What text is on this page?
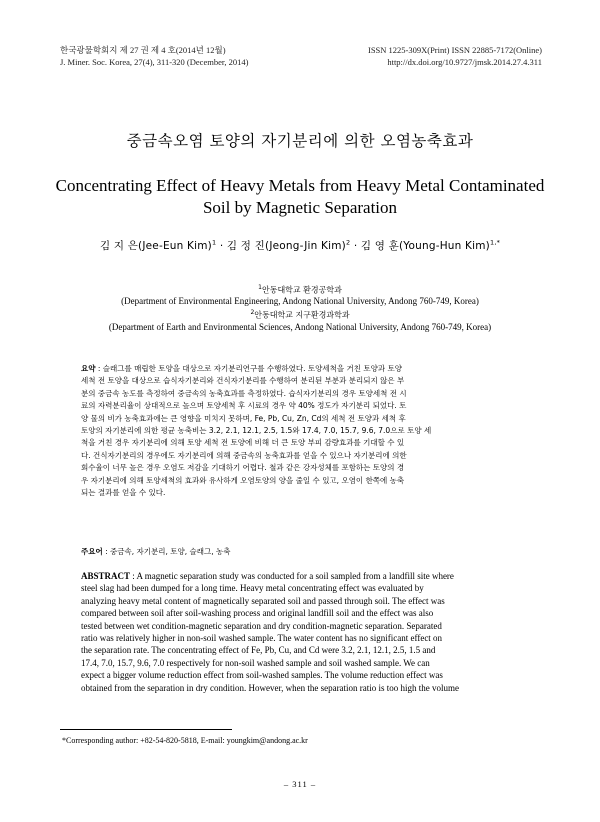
한국광물학회지 제 27 권 제 4 호(2014년 12월)
J. Miner. Soc. Korea, 27(4), 311-320 (December, 2014)
ISSN 1225-309X(Print) ISSN 22885-7172(Online)
http://dx.doi.org/10.9727/jmsk.2014.27.4.311
중금속오염 토양의 자기분리에 의한 오염농축효과
Concentrating Effect of Heavy Metals from Heavy Metal Contaminated
Soil by Magnetic Separation
김 지 은(Jee-Eun Kim)$^1$ · 김 정 진(Jeong-Jin Kim)$^2$ · 김 영 훈(Young-Hun Kim)$^{1,*}$
$^1$안동대학교 환경공학과
(Department of Environmental Engineering, Andong National University, Andong 760-749, Korea)
$^2$안동대학교 지구환경과학과
(Department of Earth and Environmental Sciences, Andong National University, Andong 760-749, Korea)
요약 : 슬래그를 매립한 토양을 대상으로 자기분리연구를 수행하였다. 토양세척을 거친 토양과 토양
세척 전 토양을 대상으로 습식자기분리와 건식자기분리를 수행하여 분리된 부분과 분리되지 않은 부
분의 중금속 농도를 측정하여 중금속의 농축효과를 측정하였다. 습식자기분리의 경우 토양세척 전 시
료의 자력분리율이 상대적으로 높으며 토양세척 후 시료의 경우 약 40% 정도가 자기분리 되었다. 토
양 물의 비가 농축효과에는 큰 영향을 미치지 못하며, Fe, Pb, Cu, Zn, Cd의 세척 전 토양과 세척 후
토양의 자기분리에 의한 평균 농축비는 3.2, 2.1, 12.1, 2.5, 1.5와 17.4, 7.0, 15.7, 9.6, 7.0으로 토양 세
척을 거친 경우 자기분리에 의해 토양 세척 전 토양에 비해 더 큰 토양 부피 감량효과를 기대할 수 있
다. 건식자기분리의 경우에도 자기분리에 의해 중금속의 농축효과를 얻을 수 있으나 자기분리에 의한
회수율이 너무 높은 경우 오염도 저감을 기대하기 어렵다. 철과 같은 강자성체를 포함하는 토양의 경
우 자기분리에 의해 토양세척의 효과와 유사하게 오염토양의 양을 줄일 수 있고, 오염이 한쪽에 농축
되는 결과를 얻을 수 있다.
주요어 : 중금속, 자기분리, 토양, 슬래그, 농축
ABSTRACT : A magnetic separation study was conducted for a soil sampled from a landfill site where
steel slag had been dumped for a long time. Heavy metal concentrating effect was evaluated by
analyzing heavy metal content of magnetically separated soil and passed through soil. The effect was
compared between soil after soil-washing process and original landfill soil and the effect was also
tested between wet condition-magnetic separation and dry condition-magnetic separation. Separated
ratio was relatively higher in non-soil washed sample. The water content has no significant effect on
the separation rate. The concentrating effect of Fe, Pb, Cu, and Cd were 3.2, 2.1, 12.1, 2.5, 1.5 and
17.4, 7.0, 15.7, 9.6, 7.0 respectively for non-soil washed sample and soil washed sample. We can
expect a bigger volume reduction effect from soil-washed samples. The volume reduction effect was
obtained from the separation in dry condition. However, when the separation ratio is too high the volume
*Corresponding author: +82-54-820-5818, E-mail: youngkim@andong.ac.kr
– 311 –
